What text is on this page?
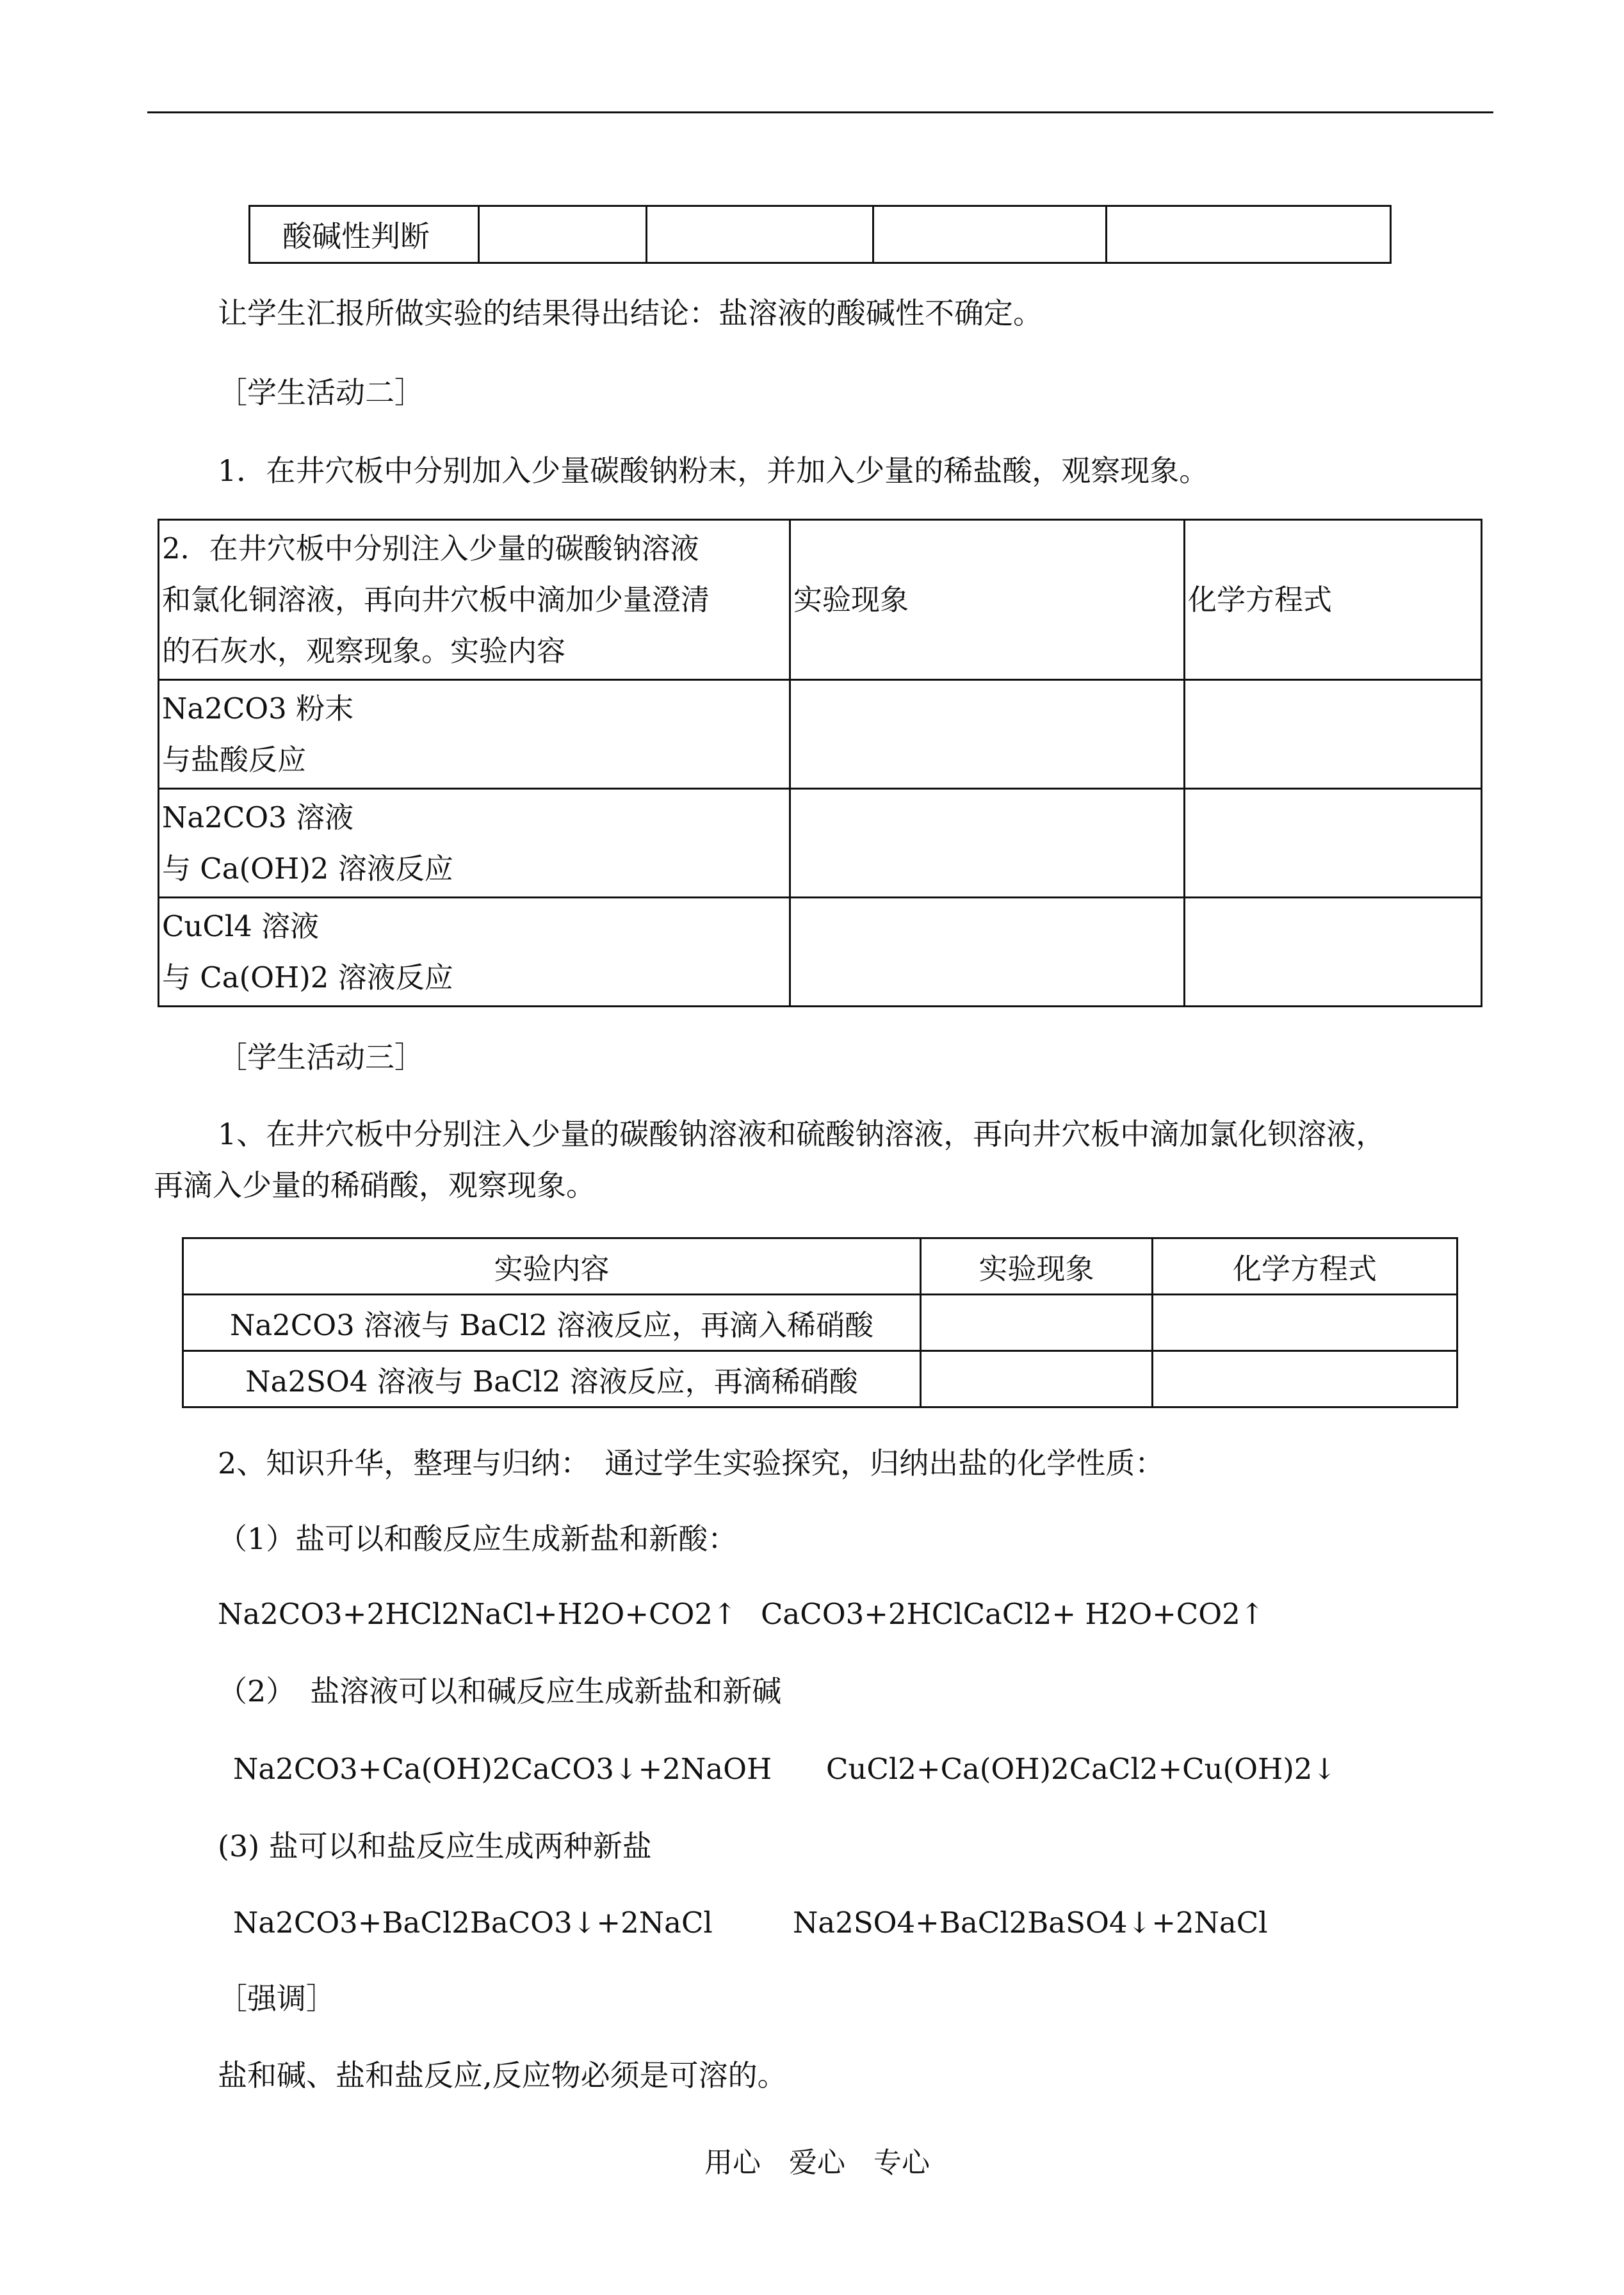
酸碱性判断				
让学生汇报所做实验的结果得出结论：盐溶液的酸碱性不确定。
［学生活动二］
1．在井穴板中分别加入少量碳酸钠粉末，并加入少量的稀盐酸，观察现象。
2．在井穴板中分别注入少量的碳酸钠溶液
和氯化铜溶液，再向井穴板中滴加少量澄清
的石灰水，观察现象。实验内容	实验现象	化学方程式

Na2CO3 粉末
与盐酸反应		

Na2CO3 溶液
与 Ca(OH)2 溶液反应		

CuCl4 溶液
与 Ca(OH)2 溶液反应		

［学生活动三］
1、在井穴板中分别注入少量的碳酸钠溶液和硫酸钠溶液，再向井穴板中滴加氯化钡溶液，
再滴入少量的稀硝酸，观察现象。
实验内容	实验现象	化学方程式
Na2CO3 溶液与 BaCl2 溶液反应，再滴入稀硝酸		
Na2SO4 溶液与 BaCl2 溶液反应，再滴稀硝酸		
2、知识升华，整理与归纳：　通过学生实验探究，归纳出盐的化学性质：
（1）盐可以和酸反应生成新盐和新酸：
Na2CO3+2HCl2NaCl+H2O+CO2↑ CaCO3+2HClCaCl2+ H2O+CO2↑
（2）　盐溶液可以和碱反应生成新盐和新碱
Na2CO3+Ca(OH)2CaCO3↓+2NaOH CuCl2+Ca(OH)2CaCl2+Cu(OH)2↓
(3) 盐可以和盐反应生成两种新盐
Na2CO3+BaCl2BaCO3↓+2NaCl	Na2SO4+BaCl2BaSO4↓+2NaCl
［强调］
盐和碱、盐和盐反应,反应物必须是可溶的。
用心　爱心　专心
